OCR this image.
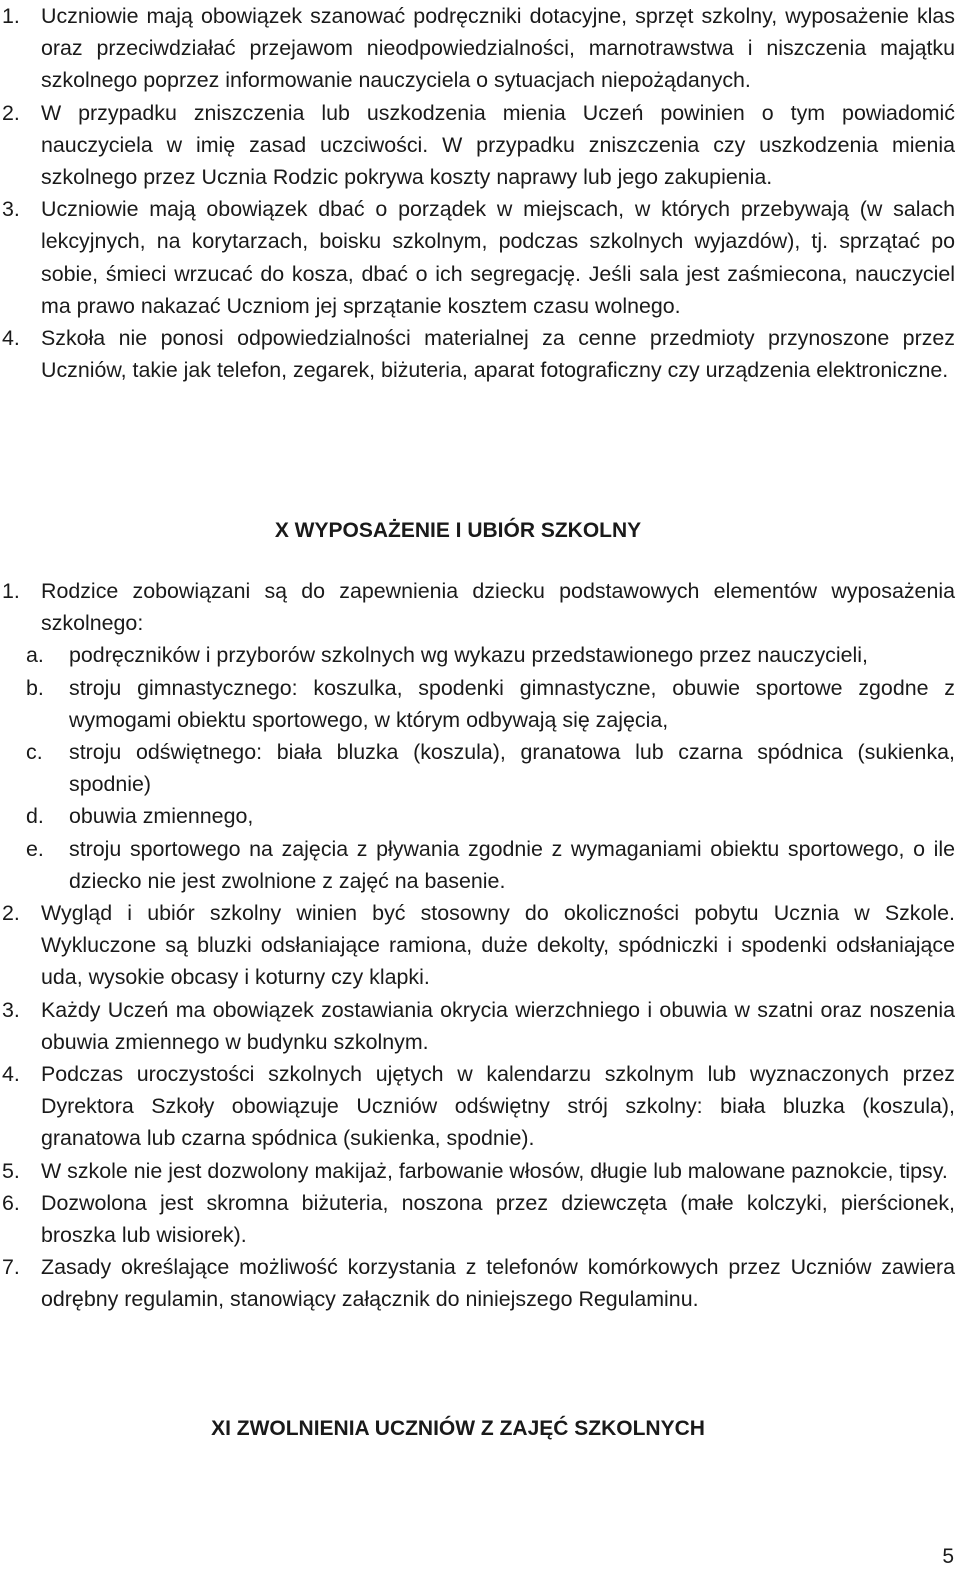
1. Uczniowie mają obowiązek szanować podręczniki dotacyjne, sprzęt szkolny, wyposażenie klas oraz przeciwdziałać przejawom nieodpowiedzialności, marnotrawstwa i niszczenia majątku szkolnego poprzez informowanie nauczyciela o sytuacjach niepożądanych.
2. W przypadku zniszczenia lub uszkodzenia mienia Uczeń powinien o tym powiadomić nauczyciela w imię zasad uczciwości. W przypadku zniszczenia czy uszkodzenia mienia szkolnego przez Ucznia Rodzic pokrywa koszty naprawy lub jego zakupienia.
3. Uczniowie mają obowiązek dbać o porządek w miejscach, w których przebywają (w salach lekcyjnych, na korytarzach, boisku szkolnym, podczas szkolnych wyjazdów), tj. sprzątać po sobie, śmieci wrzucać do kosza, dbać o ich segregację. Jeśli sala jest zaśmiecona, nauczyciel ma prawo nakazać Uczniom jej sprzątanie kosztem czasu wolnego.
4. Szkoła nie ponosi odpowiedzialności materialnej za cenne przedmioty przynoszone przez Uczniów, takie jak telefon, zegarek, biżuteria, aparat fotograficzny czy urządzenia elektroniczne.
X WYPOSAŻENIE I UBIÓR SZKOLNY
1. Rodzice zobowiązani są do zapewnienia dziecku podstawowych elementów wyposażenia szkolnego:
a. podręczników i przyborów szkolnych wg wykazu przedstawionego przez nauczycieli,
b. stroju gimnastycznego: koszulka, spodenki gimnastyczne, obuwie sportowe zgodne z wymogami obiektu sportowego, w którym odbywają się zajęcia,
c. stroju odświętnego: biała bluzka (koszula), granatowa lub czarna spódnica (sukienka, spodnie)
d. obuwia zmiennego,
e. stroju sportowego na zajęcia z pływania zgodnie z wymaganiami obiektu sportowego, o ile dziecko nie jest zwolnione z zajęć na basenie.
2. Wygląd i ubiór szkolny winien być stosowny do okoliczności pobytu Ucznia w Szkole. Wykluczone są bluzki odsłaniające ramiona, duże dekolty, spódniczki i spodenki odsłaniające uda, wysokie obcasy i koturny czy klapki.
3. Każdy Uczeń ma obowiązek zostawiania okrycia wierzchniego i obuwia w szatni oraz noszenia obuwia zmiennego w budynku szkolnym.
4. Podczas uroczystości szkolnych ujętych w kalendarzu szkolnym lub wyznaczonych przez Dyrektora Szkoły obowiązuje Uczniów odświętny strój szkolny: biała bluzka (koszula), granatowa lub czarna spódnica (sukienka, spodnie).
5. W szkole nie jest dozwolony makijaż, farbowanie włosów, długie lub malowane paznokcie, tipsy.
6. Dozwolona jest skromna biżuteria, noszona przez dziewczęta (małe kolczyki, pierścionek, broszka lub wisiorek).
7. Zasady określające możliwość korzystania z telefonów komórkowych przez Uczniów zawiera odrębny regulamin, stanowiący załącznik do niniejszego Regulaminu.
XI ZWOLNIENIA UCZNIÓW Z ZAJĘĆ SZKOLNYCH
5
